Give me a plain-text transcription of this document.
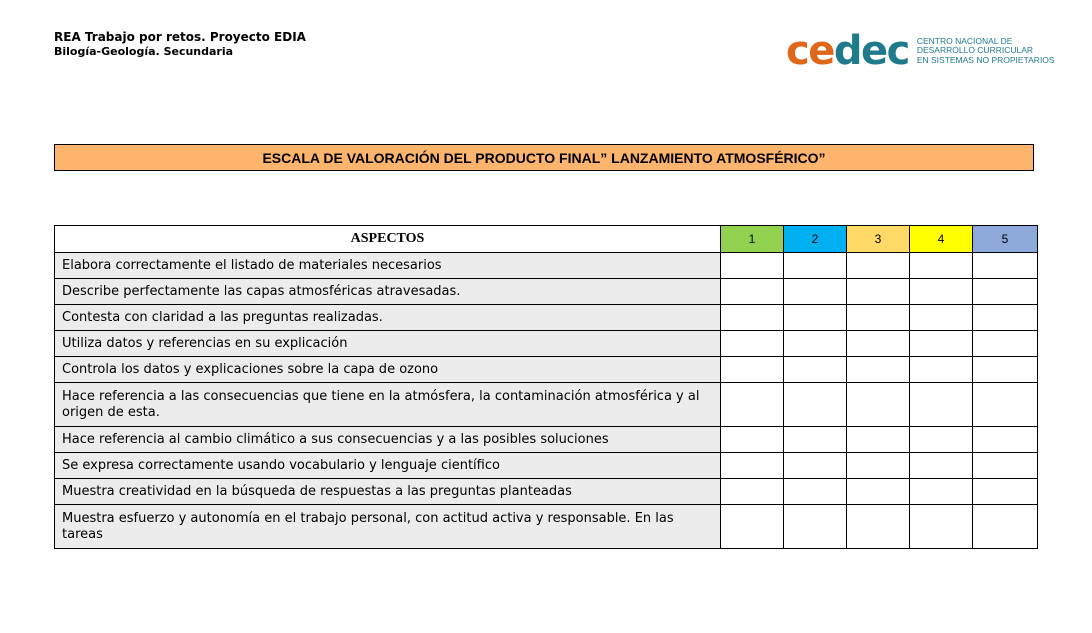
REA Trabajo por retos. Proyecto EDIA
Bilogía-Geología. Secundaria	cedec CENTRO NACIONAL DE
DESARROLLO CURRICULAR
EN SISTEMAS NO PROPIETARIOS
ESCALA DE VALORACIÓN DEL PRODUCTO FINAL” LANZAMIENTO ATMOSFÉRICO”
ASPECTOS	1	2	3	4	5
Elabora correctamente el listado de materiales necesarios					
Describe perfectamente las capas atmosféricas atravesadas.					
Contesta con claridad a las preguntas realizadas.					
Utiliza datos y referencias en su explicación					
Controla los datos y explicaciones sobre la capa de ozono					
Hace referencia a las consecuencias que tiene en la atmósfera, la contaminación atmosférica y al origen de esta.					
Hace referencia al cambio climático a sus consecuencias y a las posibles soluciones					
Se expresa correctamente usando vocabulario y lenguaje científico					
Muestra creatividad en la búsqueda de respuestas a las preguntas planteadas					
Muestra esfuerzo y autonomía en el trabajo personal, con actitud activa y responsable. En las tareas					
